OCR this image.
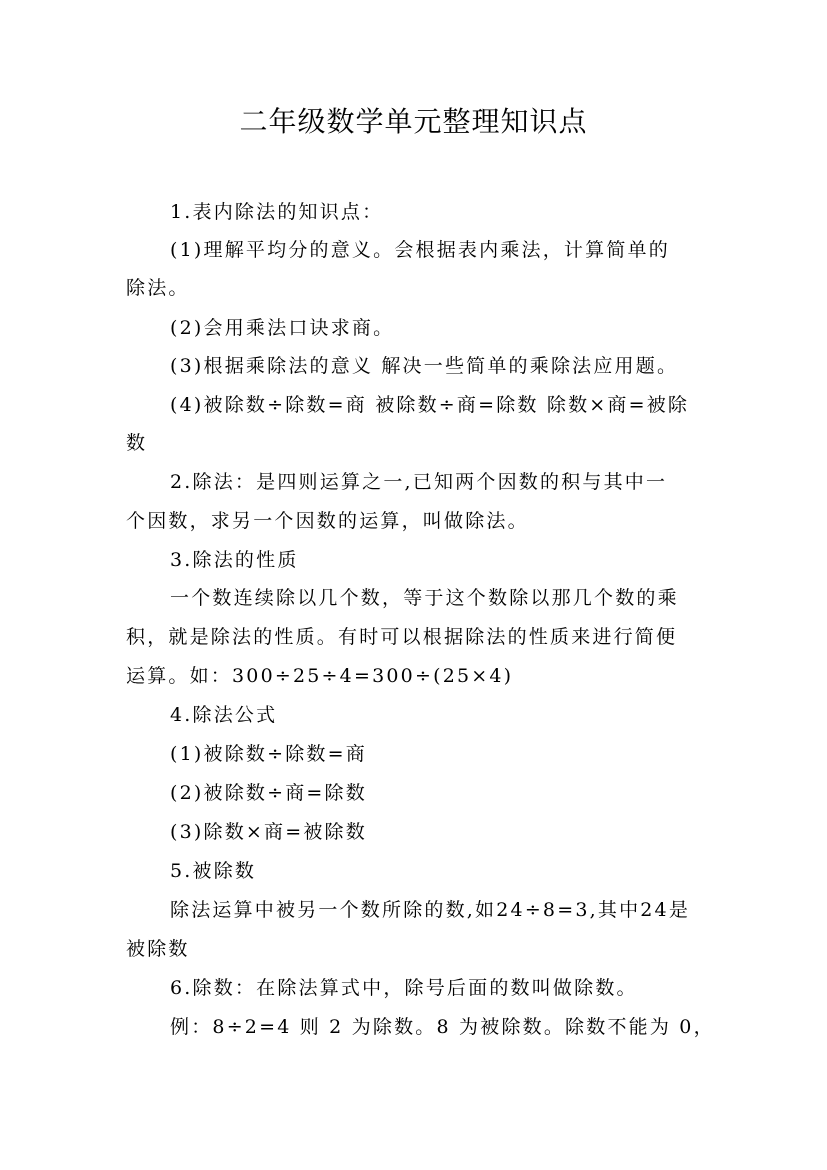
二年级数学单元整理知识点
1.表内除法的知识点：
(1)理解平均分的意义。会根据表内乘法，计算简单的
除法。
(2)会用乘法口诀求商。
(3)根据乘除法的意义 解决一些简单的乘除法应用题。
(4)被除数÷除数=商 被除数÷商=除数 除数×商=被除
数
2.除法：是四则运算之一,已知两个因数的积与其中一
个因数，求另一个因数的运算，叫做除法。
3.除法的性质
一个数连续除以几个数，等于这个数除以那几个数的乘
积，就是除法的性质。有时可以根据除法的性质来进行简便
运算。如：300÷25÷4=300÷(25×4)
4.除法公式
(1)被除数÷除数=商
(2)被除数÷商=除数
(3)除数×商=被除数
5.被除数
除法运算中被另一个数所除的数,如24÷8=3,其中24是
被除数
6.除数：在除法算式中，除号后面的数叫做除数。
例：8÷2=4 则 2 为除数。8 为被除数。除数不能为 0，
